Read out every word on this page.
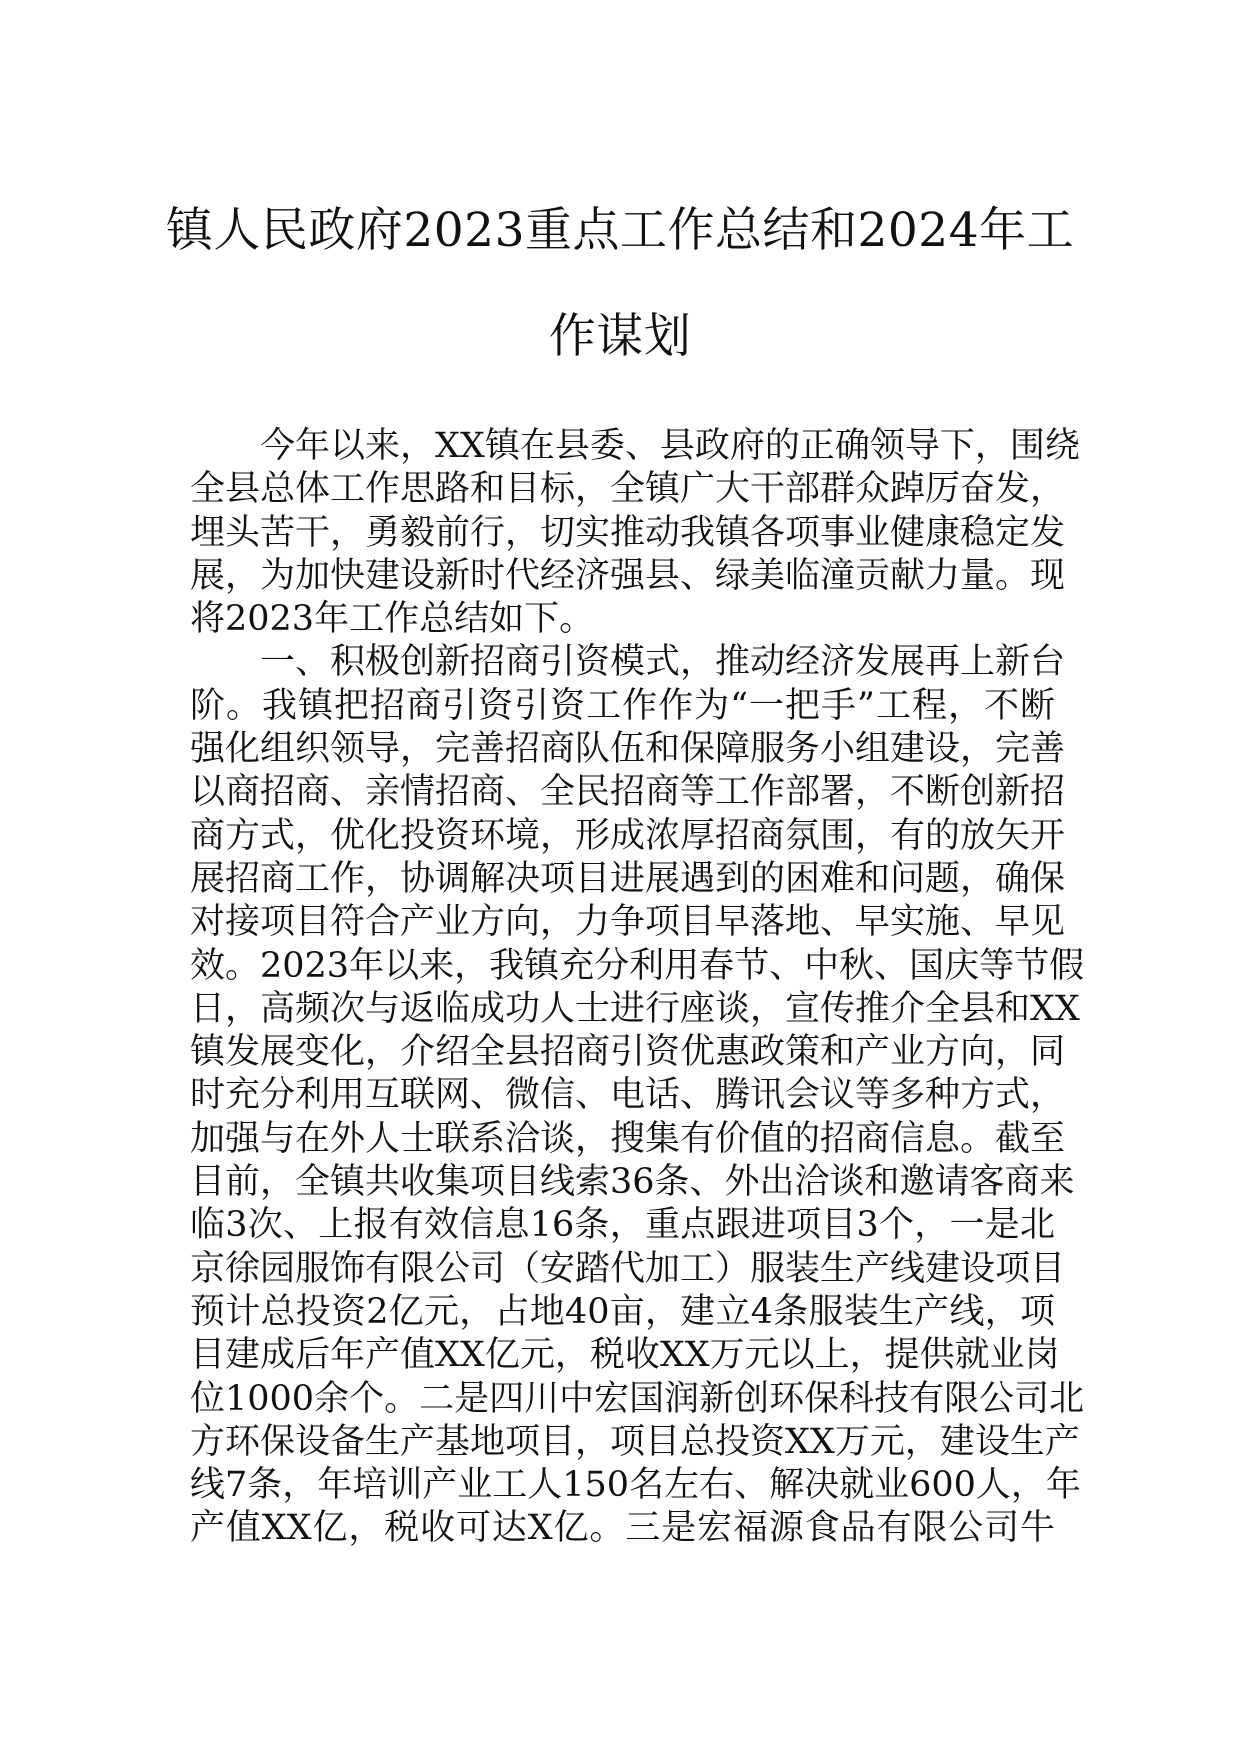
镇人民政府2023重点工作总结和2024年工
作谋划
今年以来，XX镇在县委、县政府的正确领导下，围绕
全县总体工作思路和目标，全镇广大干部群众踔厉奋发，
埋头苦干，勇毅前行，切实推动我镇各项事业健康稳定发
展，为加快建设新时代经济强县、绿美临潼贡献力量。现
将2023年工作总结如下。
一、积极创新招商引资模式，推动经济发展再上新台
阶。我镇把招商引资引资工作作为“一把手”工程，不断
强化组织领导，完善招商队伍和保障服务小组建设，完善
以商招商、亲情招商、全民招商等工作部署，不断创新招
商方式，优化投资环境，形成浓厚招商氛围，有的放矢开
展招商工作，协调解决项目进展遇到的困难和问题，确保
对接项目符合产业方向，力争项目早落地、早实施、早见
效。2023年以来，我镇充分利用春节、中秋、国庆等节假
日，高频次与返临成功人士进行座谈，宣传推介全县和XX
镇发展变化，介绍全县招商引资优惠政策和产业方向，同
时充分利用互联网、微信、电话、腾讯会议等多种方式，
加强与在外人士联系洽谈，搜集有价值的招商信息。截至
目前，全镇共收集项目线索36条、外出洽谈和邀请客商来
临3次、上报有效信息16条，重点跟进项目3个，一是北
京徐园服饰有限公司（安踏代加工）服装生产线建设项目
预计总投资2亿元，占地40亩，建立4条服装生产线，项
目建成后年产值XX亿元，税收XX万元以上，提供就业岗
位1000余个。二是四川中宏国润新创环保科技有限公司北
方环保设备生产基地项目，项目总投资XX万元，建设生产
线7条，年培训产业工人150名左右、解决就业600人，年
产值XX亿，税收可达X亿。三是宏福源食品有限公司牛
